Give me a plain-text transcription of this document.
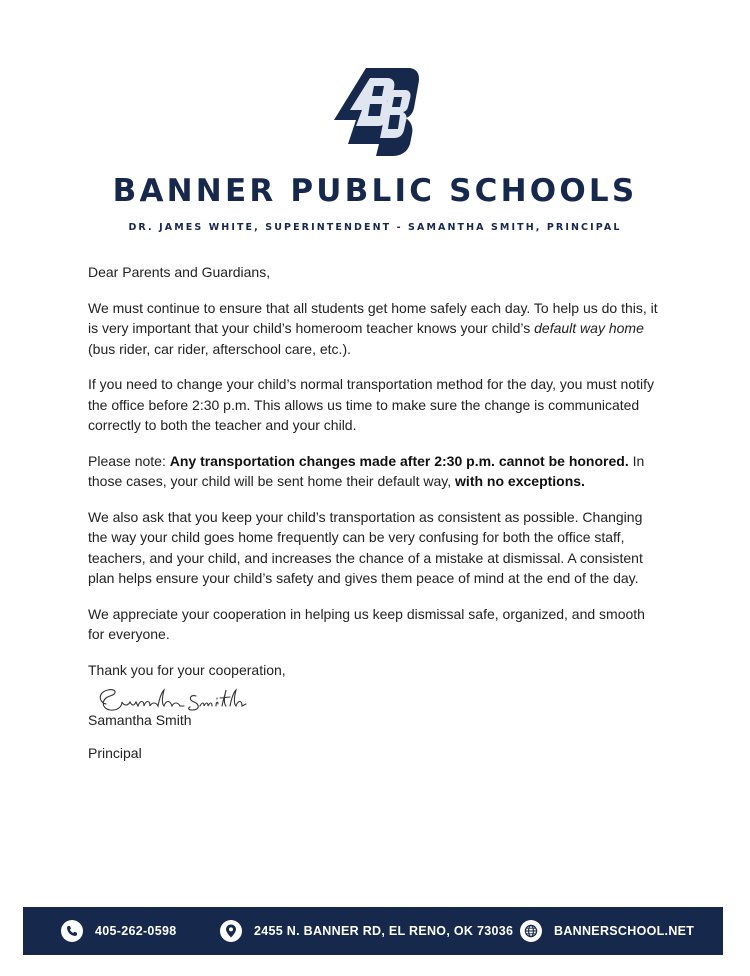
BANNER PUBLIC SCHOOLS
DR. JAMES WHITE, SUPERINTENDENT - SAMANTHA SMITH, PRINCIPAL

Dear Parents and Guardians,

We must continue to ensure that all students get home safely each day. To help us do this, it is very important that your child’s homeroom teacher knows your child’s default way home (bus rider, car rider, afterschool care, etc.).

If you need to change your child’s normal transportation method for the day, you must notify the office before 2:30 p.m. This allows us time to make sure the change is communicated correctly to both the teacher and your child.

Please note: Any transportation changes made after 2:30 p.m. cannot be honored. In those cases, your child will be sent home their default way, with no exceptions.

We also ask that you keep your child’s transportation as consistent as possible. Changing the way your child goes home frequently can be very confusing for both the office staff, teachers, and your child, and increases the chance of a mistake at dismissal. A consistent plan helps ensure your child’s safety and gives them peace of mind at the end of the day.

We appreciate your cooperation in helping us keep dismissal safe, organized, and smooth for everyone.

Thank you for your cooperation,

Samantha Smith

Principal

405-262-0598	2455 N. BANNER RD, EL RENO, OK 73036	BANNERSCHOOL.NET
